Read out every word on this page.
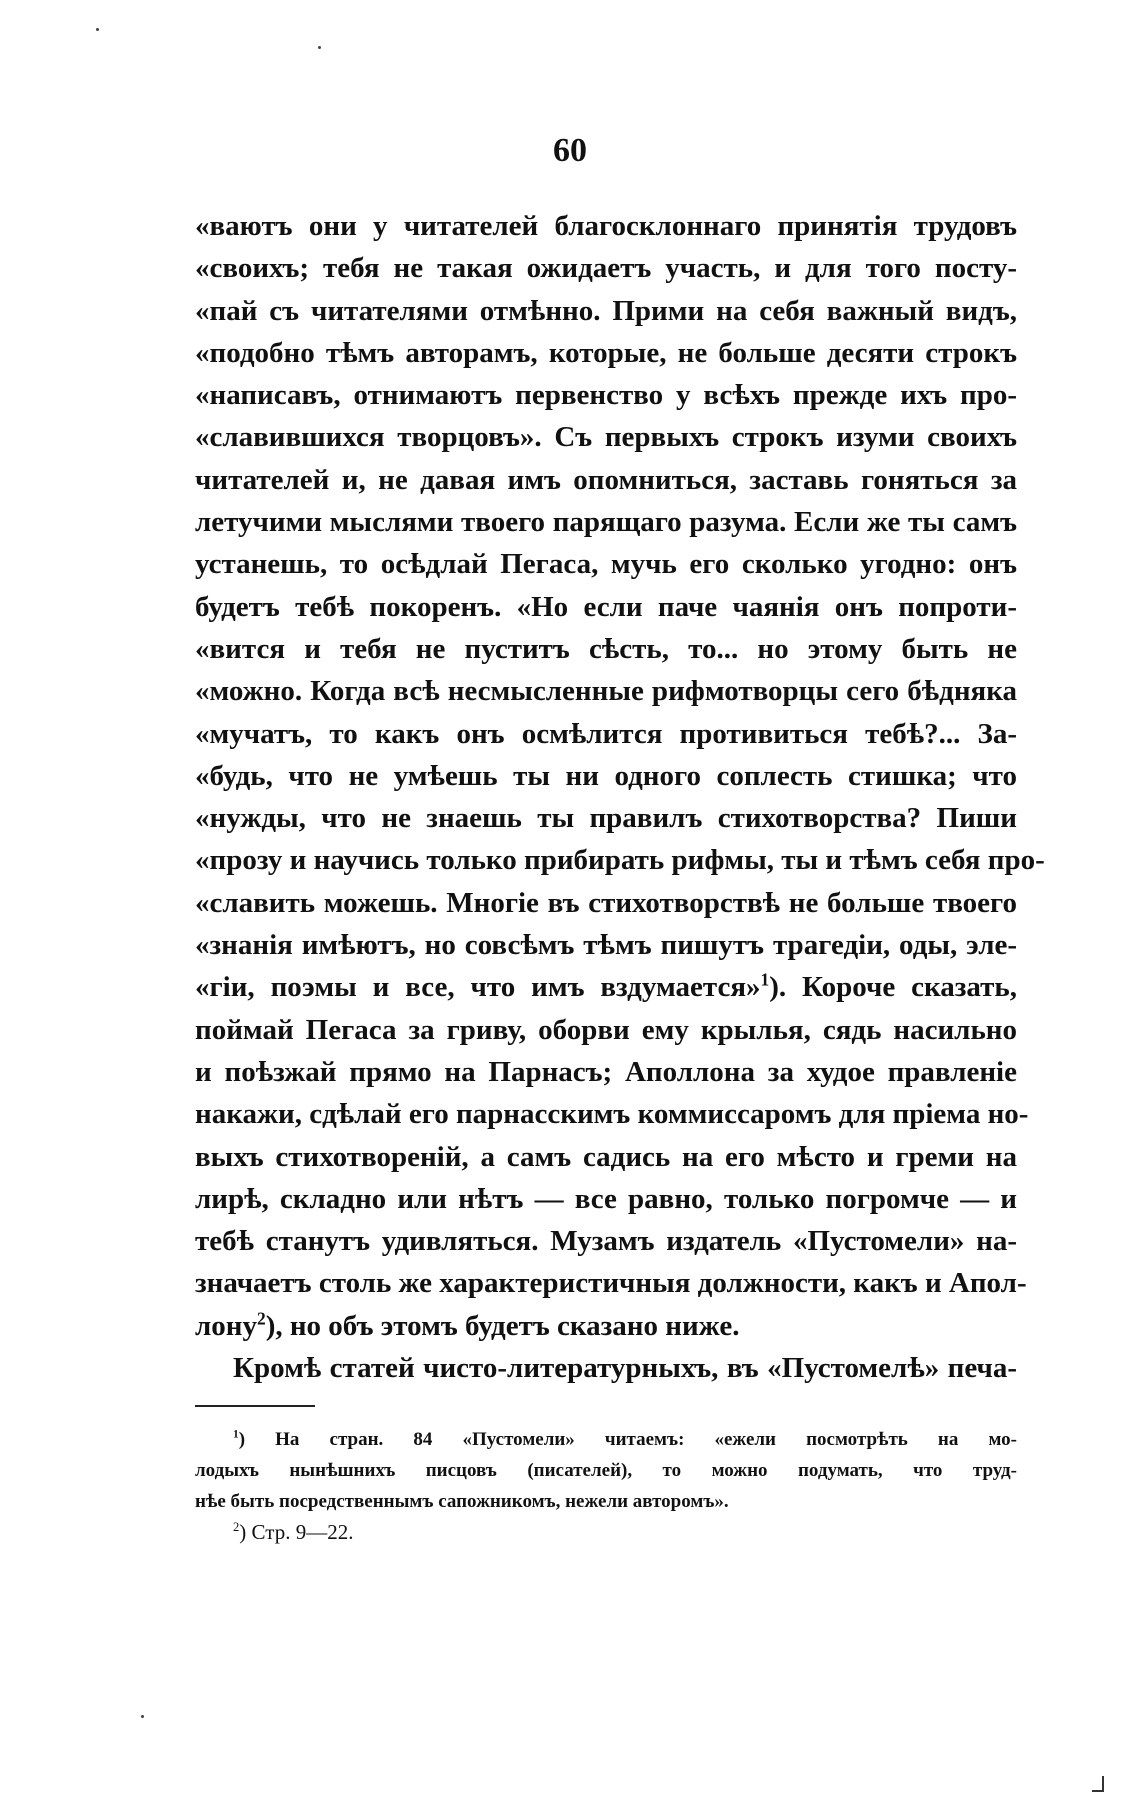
60
«ваютъ они у читателей благосклоннаго принятія трудовъ
«своихъ; тебя не такая ожидаетъ участь, и для того посту-
«пай съ читателями отмѣнно. Прими на себя важный видъ,
«подобно тѣмъ авторамъ, которые, не больше десяти строкъ
«написавъ, отнимаютъ первенство у всѣхъ прежде ихъ про-
«славившихся творцовъ». Съ первыхъ строкъ изуми своихъ
читателей и, не давая имъ опомниться, заставь гоняться за
летучими мыслями твоего парящаго разума. Если же ты самъ
устанешь, то осѣдлай Пегаса, мучь его сколько угодно: онъ
будетъ тебѣ покоренъ. «Но если паче чаянія онъ попроти-
«вится и тебя не пуститъ сѣсть, то... но этому быть не
«можно. Когда всѣ несмысленные рифмотворцы сего бѣдняка
«мучатъ, то какъ онъ осмѣлится противиться тебѣ?... За-
«будь, что не умѣешь ты ни одного соплесть стишка; что
«нужды, что не знаешь ты правилъ стихотворства? Пиши
«прозу и научись только прибирать рифмы, ты и тѣмъ себя про-
«славить можешь. Многіе въ стихотворствѣ не больше твоего
«знанія имѣютъ, но совсѣмъ тѣмъ пишутъ трагедіи, оды, эле-
«гіи, поэмы и все, что имъ вздумается»$^1$). Короче сказать,
поймай Пегаса за гриву, оборви ему крылья, сядь насильно
и поѣзжай прямо на Парнасъ; Аполлона за худое правленіе
накажи, сдѣлай его парнасскимъ коммиссаромъ для пріема но-
выхъ стихотвореній, а самъ садись на его мѣсто и греми на
лирѣ, складно или нѣтъ — все равно, только погромче — и
тебѣ станутъ удивляться. Музамъ издатель «Пустомели» на-
значаетъ столь же характеристичныя должности, какъ и Апол-
лону$^2$), но объ этомъ будетъ сказано ниже.
Кромѣ статей чисто-литературныхъ, въ «Пустомелѣ» печа-
$^1$) На стран. 84 «Пустомели» читаемъ: «ежели посмотрѣть на мо-
лодыхъ нынѣшнихъ писцовъ (писателей), то можно подумать, что труд-
нѣе быть посредственнымъ сапожникомъ, нежели авторомъ».
$^2$) Стр. 9—22.
